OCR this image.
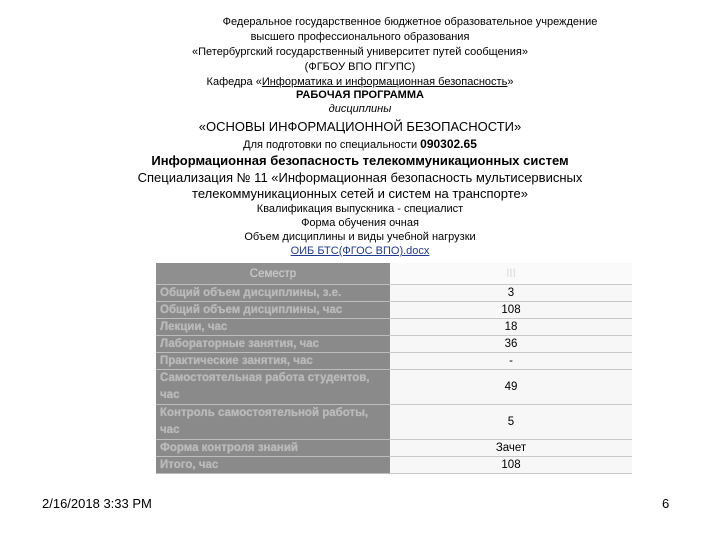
Федеральное государственное бюджетное образовательное учреждение
высшего профессионального образования
«Петербургский государственный университет путей сообщения»
(ФГБОУ ВПО ПГУПС)
Кафедра «Информатика и информационная безопасность»
РАБОЧАЯ ПРОГРАММА
дисциплины
«ОСНОВЫ ИНФОРМАЦИОННОЙ БЕЗОПАСНОСТИ»
Для подготовки по специальности 090302.65
Информационная безопасность телекоммуникационных систем
Специализация № 11 «Информационная безопасность мультисервисных
телекоммуникационных сетей и систем на транспорте»
Квалификация выпускника - специалист
Форма обучения очная
Объем дисциплины и виды учебной нагрузки
ОИБ БТС(ФГОС ВПО).docx
Семестр	III
Общий объем дисциплины, з.е.	3
Общий объем дисциплины, час	108
Лекции, час	18
Лабораторные занятия, час	36
Практические занятия, час	-
Самостоятельная работа студентов, час	49
Контроль самостоятельной работы, час	5
Форма контроля знаний	Зачет
Итого, час	108
2/16/2018 3:33 PM	6
